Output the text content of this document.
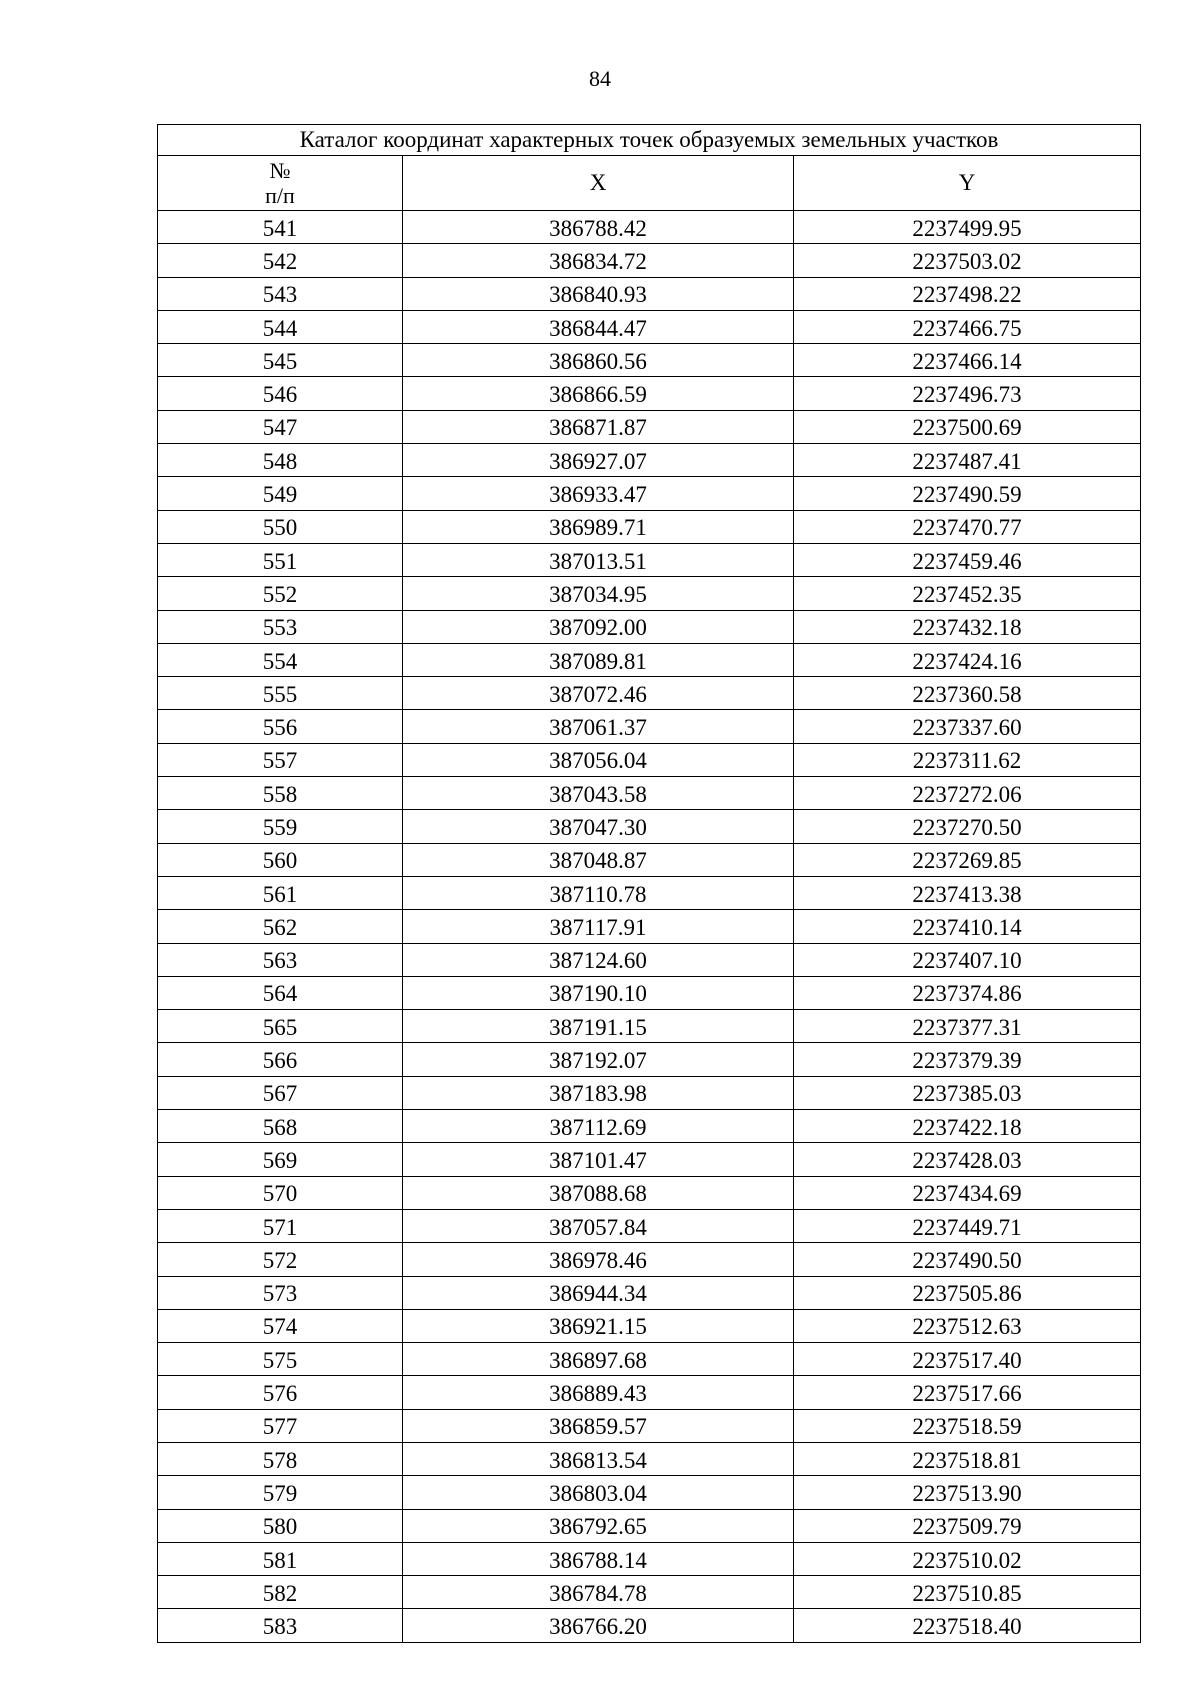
84
Каталог координат характерных точек образуемых земельных участков		
№
п/п	X	Y
541	386788.42	2237499.95
542	386834.72	2237503.02
543	386840.93	2237498.22
544	386844.47	2237466.75
545	386860.56	2237466.14
546	386866.59	2237496.73
547	386871.87	2237500.69
548	386927.07	2237487.41
549	386933.47	2237490.59
550	386989.71	2237470.77
551	387013.51	2237459.46
552	387034.95	2237452.35
553	387092.00	2237432.18
554	387089.81	2237424.16
555	387072.46	2237360.58
556	387061.37	2237337.60
557	387056.04	2237311.62
558	387043.58	2237272.06
559	387047.30	2237270.50
560	387048.87	2237269.85
561	387110.78	2237413.38
562	387117.91	2237410.14
563	387124.60	2237407.10
564	387190.10	2237374.86
565	387191.15	2237377.31
566	387192.07	2237379.39
567	387183.98	2237385.03
568	387112.69	2237422.18
569	387101.47	2237428.03
570	387088.68	2237434.69
571	387057.84	2237449.71
572	386978.46	2237490.50
573	386944.34	2237505.86
574	386921.15	2237512.63
575	386897.68	2237517.40
576	386889.43	2237517.66
577	386859.57	2237518.59
578	386813.54	2237518.81
579	386803.04	2237513.90
580	386792.65	2237509.79
581	386788.14	2237510.02
582	386784.78	2237510.85
583	386766.20	2237518.40
